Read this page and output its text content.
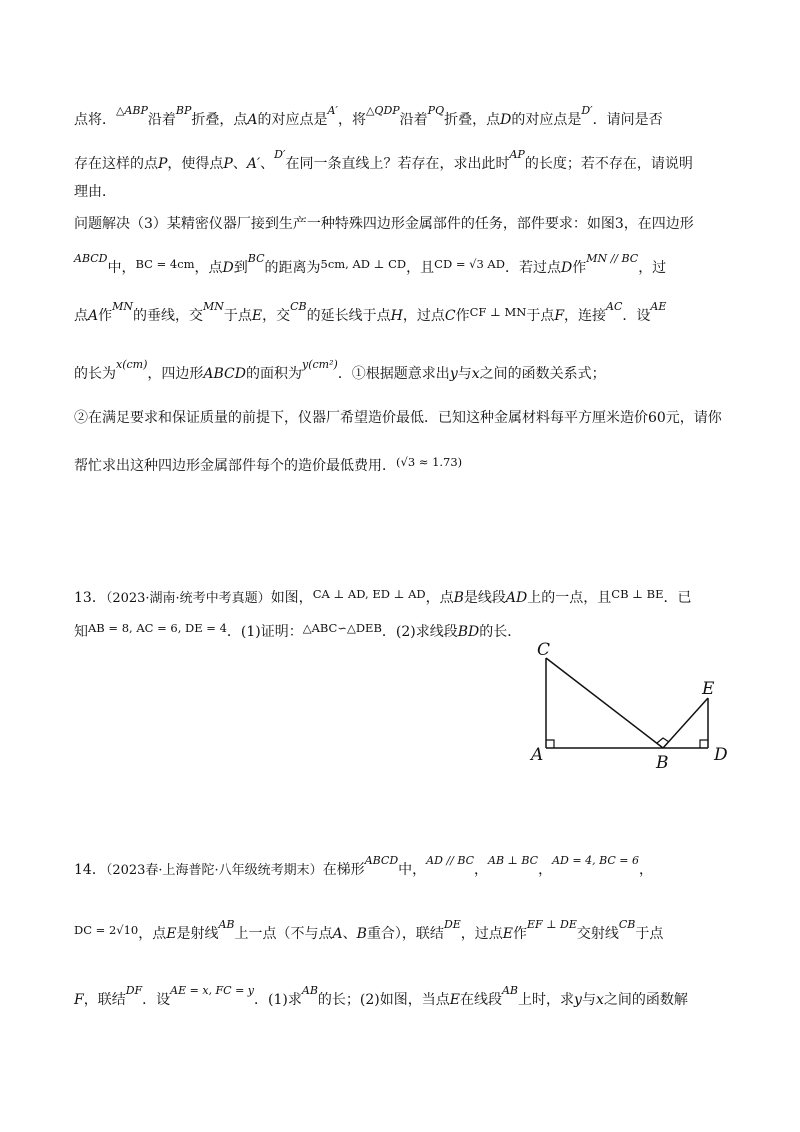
点将．$^{\triangle ABP}$沿着$^{BP}$折叠，点A的对应点是$^{A'}$，将$^{\triangle QDP}$沿着$^{PQ}$折叠，点D的对应点是$^{D'}$．请问是否
存在这样的点P，使得点P、A′、$^{D'}$在同一条直线上？若存在，求出此时$^{AP}$的长度；若不存在，请说明
理由．
问题解决（3）某精密仪器厂接到生产一种特殊四边形金属部件的任务，部件要求：如图3，在四边形
$^{ABCD}$中，$^{BC = 4cm}$，点D到$^{BC}$的距离为$^{5cm, AD \perp CD}$，且$^{CD = √3 AD}$．若过点D作$^{MN // BC}$，过
点A作$^{MN}$的垂线，交$^{MN}$于点E，交$^{CB}$的延长线于点H，过点C作$^{CF \perp MN}$于点F，连接$^{AC}$．设$^{AE}$
的长为$^{x(cm)}$，四边形ABCD的面积为$^{y(cm^2)}$．①根据题意求出y与x之间的函数关系式；
②在满足要求和保证质量的前提下，仪器厂希望造价最低．已知这种金属材料每平方厘米造价60元，请你
帮忙求出这种四边形金属部件每个的造价最低费用．$^{(√3 \approx 1.73)}$
13．（2023·湖南·统考中考真题）如图，$^{CA \perp AD, ED \perp AD}$，点B是线段AD上的一点，且$^{CB \perp BE}$．已
知$^{AB = 8, AC = 6, DE = 4}$．(1)证明：$^{\triangle ABC∽\triangle DEB}$．(2)求线段BD的长．
C
E
A	B	D
14．（2023春·上海普陀·八年级统考期末）在梯形$^{ABCD}$中，$^{AD // BC}$，$^{AB \perp BC}$，$^{AD = 4, BC = 6}$，
$^{DC = 2√10}$，点E是射线$^{AB}$上一点（不与点A、B重合），联结$^{DE}$，过点E作$^{EF \perp DE}$交射线$^{CB}$于点
F，联结$^{DF}$．设$^{AE = x, FC = y}$．(1)求$^{AB}$的长；(2)如图，当点E在线段$^{AB}$上时，求y与x之间的函数解
